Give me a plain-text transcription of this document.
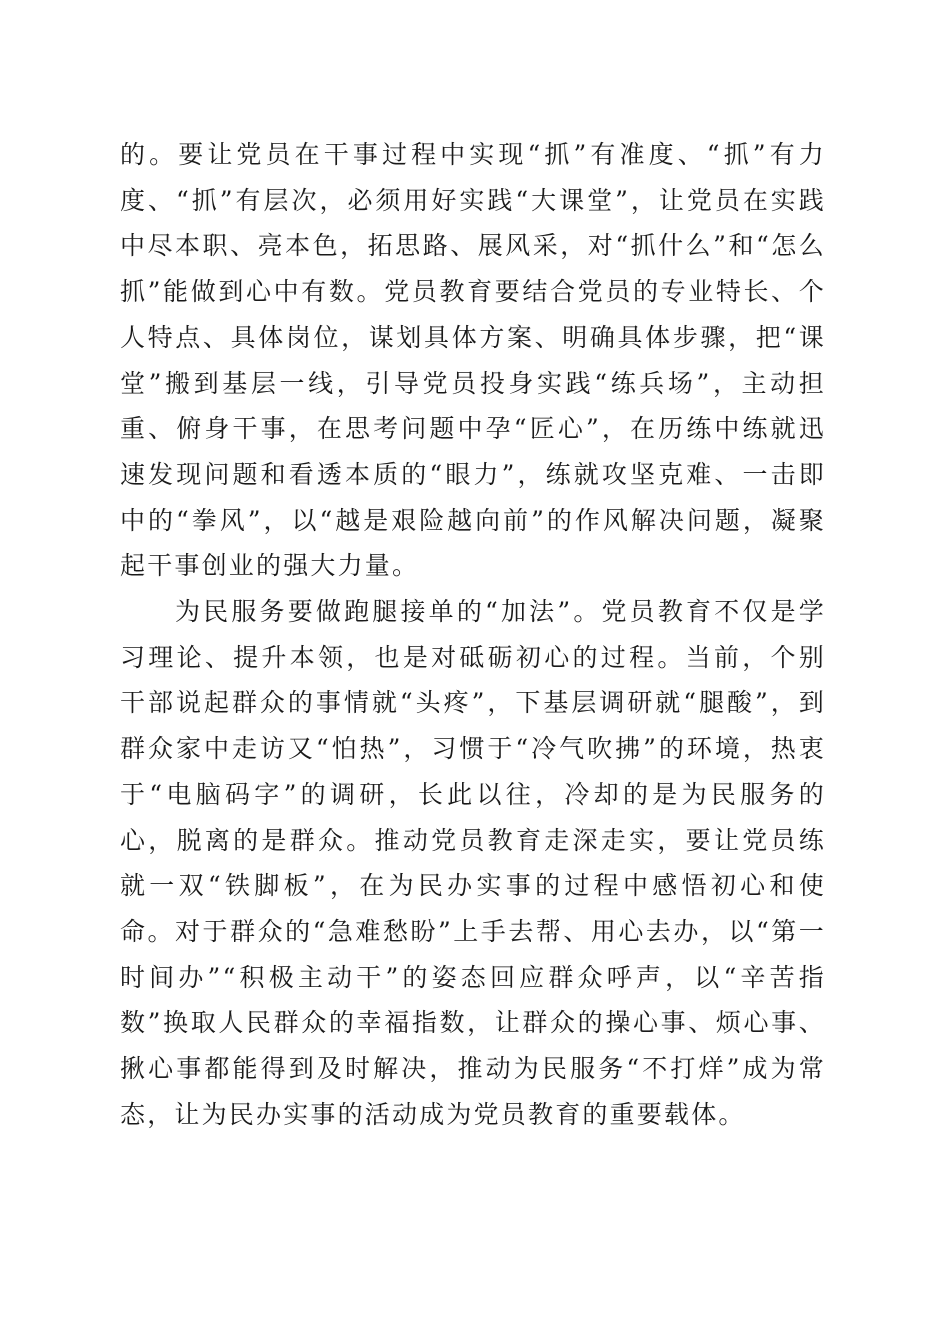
的。要让党员在干事过程中实现“抓”有准度、“抓”有力度、“抓”有层次，必须用好实践“大课堂”，让党员在实践中尽本职、亮本色，拓思路、展风采，对“抓什么”和“怎么抓”能做到心中有数。党员教育要结合党员的专业特长、个人特点、具体岗位，谋划具体方案、明确具体步骤，把“课堂”搬到基层一线，引导党员投身实践“练兵场”，主动担重、俯身干事，在思考问题中孕“匠心”，在历练中练就迅速发现问题和看透本质的“眼力”，练就攻坚克难、一击即中的“拳风”，以“越是艰险越向前”的作风解决问题，凝聚起干事创业的强大力量。

为民服务要做跑腿接单的“加法”。党员教育不仅是学习理论、提升本领，也是对砥砺初心的过程。当前，个别干部说起群众的事情就“头疼”，下基层调研就“腿酸”，到群众家中走访又“怕热”，习惯于“冷气吹拂”的环境，热衷于“电脑码字”的调研，长此以往，冷却的是为民服务的心，脱离的是群众。推动党员教育走深走实，要让党员练就一双“铁脚板”，在为民办实事的过程中感悟初心和使命。对于群众的“急难愁盼”上手去帮、用心去办，以“第一时间办”“积极主动干”的姿态回应群众呼声，以“辛苦指数”换取人民群众的幸福指数，让群众的操心事、烦心事、揪心事都能得到及时解决，推动为民服务“不打烊”成为常态，让为民办实事的活动成为党员教育的重要载体。
